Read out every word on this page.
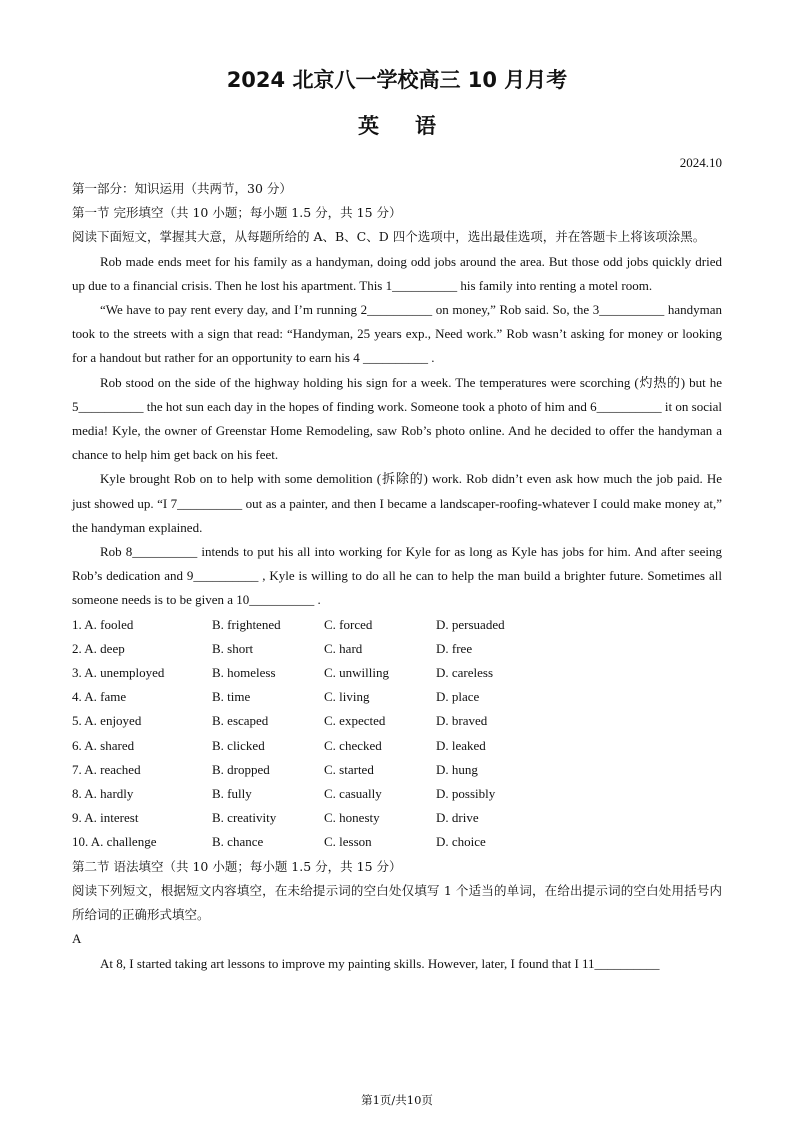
2024 北京八一学校高三 10 月月考
英语
2024.10

第一部分：知识运用（共两节，30 分）

第一节 完形填空（共 10 小题；每小题 1.5 分，共 15 分）

阅读下面短文，掌握其大意，从每题所给的 A、B、C、D 四个选项中，选出最佳选项，并在答题卡上将该项涂黑。

Rob made ends meet for his family as a handyman, doing odd jobs around the area. But those odd jobs quickly dried up due to a financial crisis. Then he lost his apartment. This 1__________ his family into renting a motel room.

“We have to pay rent every day, and I’m running 2__________ on money,” Rob said. So, the 3__________ handyman took to the streets with a sign that read: “Handyman, 25 years exp., Need work.” Rob wasn’t asking for money or looking for a handout but rather for an opportunity to earn his 4 __________ .

Rob stood on the side of the highway holding his sign for a week. The temperatures were scorching (灼热的) but he 5__________ the hot sun each day in the hopes of finding work. Someone took a photo of him and 6__________ it on social media! Kyle, the owner of Greenstar Home Remodeling, saw Rob’s photo online. And he decided to offer the handyman a chance to help him get back on his feet.

Kyle brought Rob on to help with some demolition (拆除的) work. Rob didn’t even ask how much the job paid. He just showed up. “I 7__________ out as a painter, and then I became a landscaper-roofing-whatever I could make money at,” the handyman explained.

Rob 8__________ intends to put his all into working for Kyle for as long as Kyle has jobs for him. And after seeing Rob’s dedication and 9__________ , Kyle is willing to do all he can to help the man build a brighter future. Sometimes all someone needs is to be given a 10__________ .

1. A. fooled	B. frightened	C. forced	D. persuaded
2. A. deep	B. short	C. hard	D. free
3. A. unemployed	B. homeless	C. unwilling	D. careless
4. A. fame	B. time	C. living	D. place
5. A. enjoyed	B. escaped	C. expected	D. braved
6. A. shared	B. clicked	C. checked	D. leaked
7. A. reached	B. dropped	C. started	D. hung
8. A. hardly	B. fully	C. casually	D. possibly
9. A. interest	B. creativity	C. honesty	D. drive
10. A. challenge	B. chance	C. lesson	D. choice

第二节 语法填空（共 10 小题；每小题 1.5 分，共 15 分）

阅读下列短文，根据短文内容填空，在未给提示词的空白处仅填写 1 个适当的单词，在给出提示词的空白处用括号内所给词的正确形式填空。

A

At 8, I started taking art lessons to improve my painting skills. However, later, I found that I 11__________

第1页/共10页
